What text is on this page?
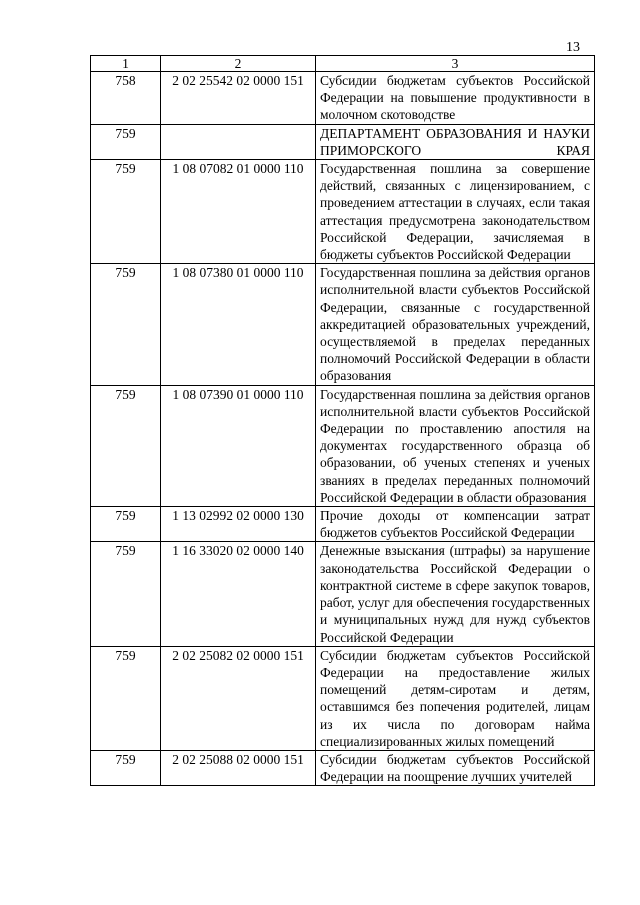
13
1	2	3
758	2 02 25542 02 0000 151	Субсидии бюджетам субъектов Российской Федерации на повышение продуктивности в молочном скотоводстве
759		ДЕПАРТАМЕНТ ОБРАЗОВАНИЯ И НАУКИ ПРИМОРСКОГО КРАЯ
759	1 08 07082 01 0000 110	Государственная пошлина за совершение действий, связанных с лицензированием, с проведением аттестации в случаях, если такая аттестация предусмотрена законодательством Российской Федерации, зачисляемая в бюджеты субъектов Российской Федерации
759	1 08 07380 01 0000 110	Государственная пошлина за действия органов исполнительной власти субъектов Российской Федерации, связанные с государственной аккредитацией образовательных учреждений, осуществляемой в пределах переданных полномочий Российской Федерации в области образования
759	1 08 07390 01 0000 110	Государственная пошлина за действия органов исполнительной власти субъектов Российской Федерации по проставлению апостиля на документах государственного образца об образовании, об ученых степенях и ученых званиях в пределах переданных полномочий Российской Федерации в области образования
759	1 13 02992 02 0000 130	Прочие доходы от компенсации затрат бюджетов субъектов Российской Федерации
759	1 16 33020 02 0000 140	Денежные взыскания (штрафы) за нарушение законодательства Российской Федерации о контрактной системе в сфере закупок товаров, работ, услуг для обеспечения государственных и муниципальных нужд для нужд субъектов Российской Федерации
759	2 02 25082 02 0000 151	Субсидии бюджетам субъектов Российской Федерации на предоставление жилых помещений детям-сиротам и детям, оставшимся без попечения родителей, лицам из их числа по договорам найма специализированных жилых помещений
759	2 02 25088 02 0000 151	Субсидии бюджетам субъектов Российской Федерации на поощрение лучших учителей
